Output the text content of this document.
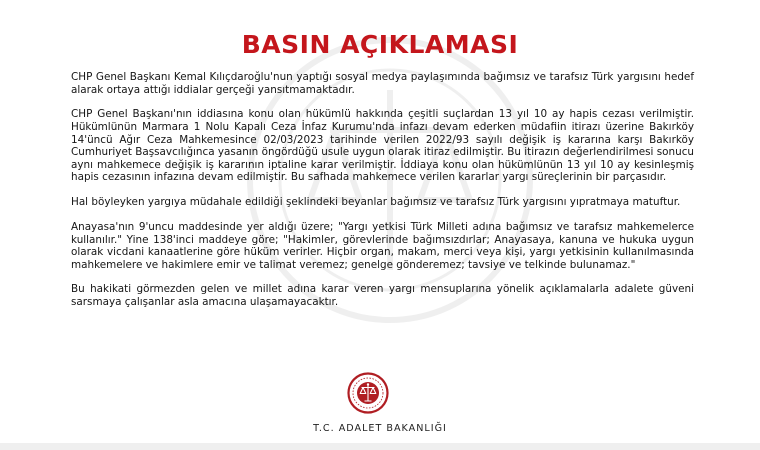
BASIN AÇIKLAMASI

CHP Genel Başkanı Kemal Kılıçdaroğlu'nun yaptığı sosyal medya paylaşımında bağımsız ve tarafsız Türk yargısını hedef alarak ortaya attığı iddialar gerçeği yansıtmamaktadır.

CHP Genel Başkanı'nın iddiasına konu olan hükümlü hakkında çeşitli suçlardan 13 yıl 10 ay hapis cezası verilmiştir. Hükümlünün Marmara 1 Nolu Kapalı Ceza İnfaz Kurumu'nda infazı devam ederken müdafiin itirazı üzerine Bakırköy 14'üncü Ağır Ceza Mahkemesince 02/03/2023 tarihinde verilen 2022/93 sayılı değişik iş kararına karşı Bakırköy Cumhuriyet Başsavcılığınca yasanın öngördüğü usule uygun olarak itiraz edilmiştir. Bu itirazın değerlendirilmesi sonucu aynı mahkemece değişik iş kararının iptaline karar verilmiştir. İddiaya konu olan hükümlünün 13 yıl 10 ay kesinleşmiş hapis cezasının infazına devam edilmiştir. Bu safhada mahkemece verilen kararlar yargı süreçlerinin bir parçasıdır.

Hal böyleyken yargıya müdahale edildiği şeklindeki beyanlar bağımsız ve tarafsız Türk yargısını yıpratmaya matuftur.

Anayasa'nın 9'uncu maddesinde yer aldığı üzere; "Yargı yetkisi Türk Milleti adına bağımsız ve tarafsız mahkemelerce kullanılır." Yine 138'inci maddeye göre; "Hakimler, görevlerinde bağımsızdırlar; Anayasaya, kanuna ve hukuka uygun olarak vicdani kanaatlerine göre hüküm verirler. Hiçbir organ, makam, merci veya kişi, yargı yetkisinin kullanılmasında mahkemelere ve hakimlere emir ve talimat veremez; genelge gönderemez; tavsiye ve telkinde bulunamaz."

Bu hakikati görmezden gelen ve millet adına karar veren yargı mensuplarına yönelik açıklamalarla adalete güveni sarsmaya çalışanlar asla amacına ulaşamayacaktır.

T.C. ADALET BAKANLIĞI
